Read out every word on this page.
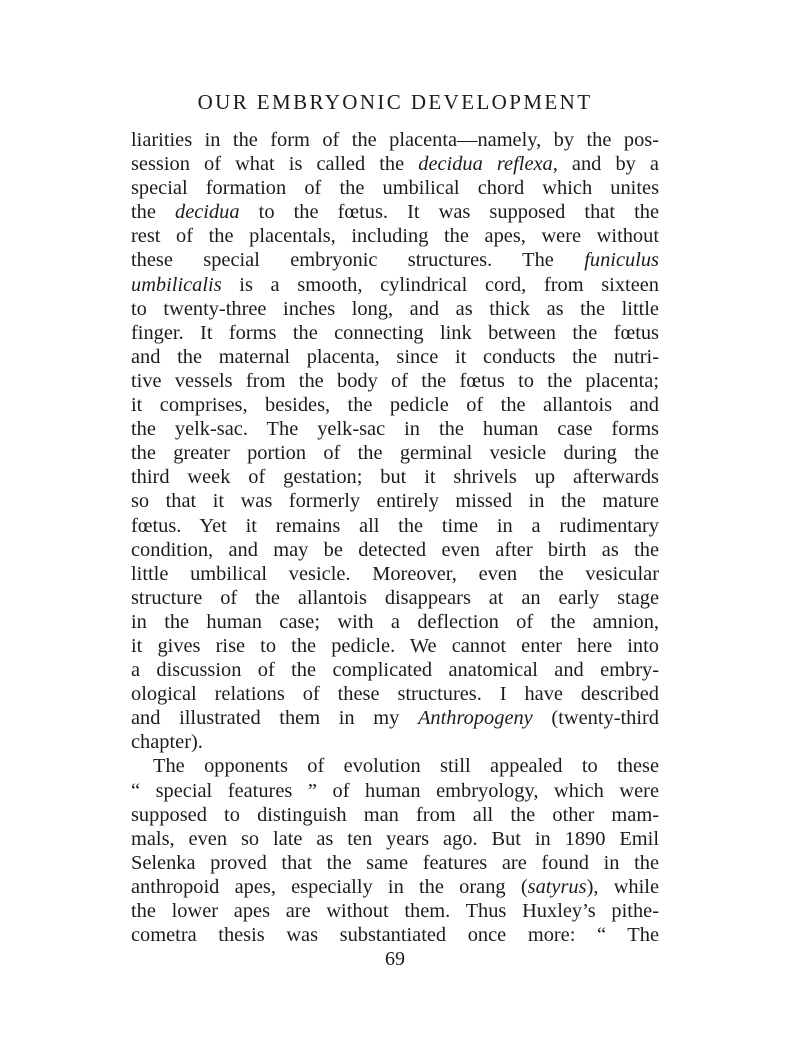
OUR EMBRYONIC DEVELOPMENT
liarities in the form of the placenta—namely, by the pos-
session of what is called the decidua reflexa, and by a
special formation of the umbilical chord which unites
the decidua to the fœtus. It was supposed that the
rest of the placentals, including the apes, were without
these special embryonic structures. The funiculus
umbilicalis is a smooth, cylindrical cord, from sixteen
to twenty-three inches long, and as thick as the little
finger. It forms the connecting link between the fœtus
and the maternal placenta, since it conducts the nutri-
tive vessels from the body of the fœtus to the placenta;
it comprises, besides, the pedicle of the allantois and
the yelk-sac. The yelk-sac in the human case forms
the greater portion of the germinal vesicle during the
third week of gestation; but it shrivels up afterwards
so that it was formerly entirely missed in the mature
fœtus. Yet it remains all the time in a rudimentary
condition, and may be detected even after birth as the
little umbilical vesicle. Moreover, even the vesicular
structure of the allantois disappears at an early stage
in the human case; with a deflection of the amnion,
it gives rise to the pedicle. We cannot enter here into
a discussion of the complicated anatomical and embry-
ological relations of these structures. I have described
and illustrated them in my Anthropogeny (twenty-third
chapter).
The opponents of evolution still appealed to these
“ special features ” of human embryology, which were
supposed to distinguish man from all the other mam-
mals, even so late as ten years ago. But in 1890 Emil
Selenka proved that the same features are found in the
anthropoid apes, especially in the orang (satyrus), while
the lower apes are without them. Thus Huxley’s pithe-
cometra thesis was substantiated once more: “ The
69
